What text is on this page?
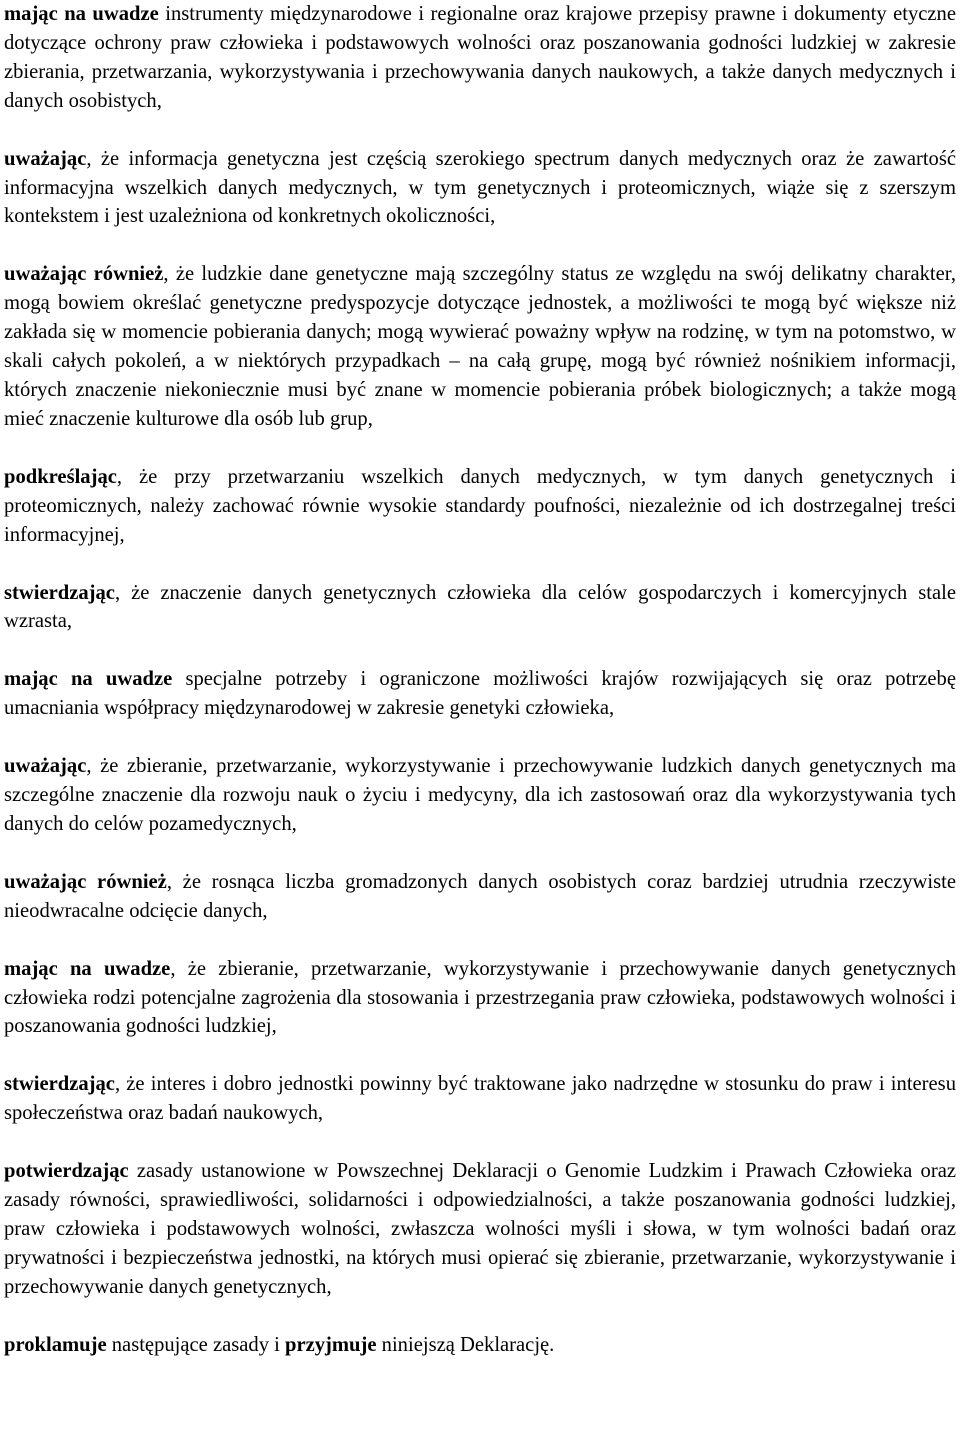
mając na uwadze instrumenty międzynarodowe i regionalne oraz krajowe przepisy prawne i dokumenty etyczne dotyczące ochrony praw człowieka i podstawowych wolności oraz poszanowania godności ludzkiej w zakresie zbierania, przetwarzania, wykorzystywania i przechowywania danych naukowych, a także danych medycznych i danych osobistych,

uważając, że informacja genetyczna jest częścią szerokiego spectrum danych medycznych oraz że zawartość informacyjna wszelkich danych medycznych, w tym genetycznych i proteomicznych, wiąże się z szerszym kontekstem i jest uzależniona od konkretnych okoliczności,

uważając również, że ludzkie dane genetyczne mają szczególny status ze względu na swój delikatny charakter, mogą bowiem określać genetyczne predyspozycje dotyczące jednostek, a możliwości te mogą być większe niż zakłada się w momencie pobierania danych; mogą wywierać poważny wpływ na rodzinę, w tym na potomstwo, w skali całych pokoleń, a w niektórych przypadkach – na całą grupę, mogą być również nośnikiem informacji, których znaczenie niekoniecznie musi być znane w momencie pobierania próbek biologicznych; a także mogą mieć znaczenie kulturowe dla osób lub grup,

podkreślając, że przy przetwarzaniu wszelkich danych medycznych, w tym danych genetycznych i proteomicznych, należy zachować równie wysokie standardy poufności, niezależnie od ich dostrzegalnej treści informacyjnej,

stwierdzając, że znaczenie danych genetycznych człowieka dla celów gospodarczych i komercyjnych stale wzrasta,

mając na uwadze specjalne potrzeby i ograniczone możliwości krajów rozwijających się oraz potrzebę umacniania współpracy międzynarodowej w zakresie genetyki człowieka,

uważając, że zbieranie, przetwarzanie, wykorzystywanie i przechowywanie ludzkich danych genetycznych ma szczególne znaczenie dla rozwoju nauk o życiu i medycyny, dla ich zastosowań oraz dla wykorzystywania tych danych do celów pozamedycznych,

uważając również, że rosnąca liczba gromadzonych danych osobistych coraz bardziej utrudnia rzeczywiste nieodwracalne odcięcie danych,

mając na uwadze, że zbieranie, przetwarzanie, wykorzystywanie i przechowywanie danych genetycznych człowieka rodzi potencjalne zagrożenia dla stosowania i przestrzegania praw człowieka, podstawowych wolności i poszanowania godności ludzkiej,

stwierdzając, że interes i dobro jednostki powinny być traktowane jako nadrzędne w stosunku do praw i interesu społeczeństwa oraz badań naukowych,

potwierdzając zasady ustanowione w Powszechnej Deklaracji o Genomie Ludzkim i Prawach Człowieka oraz zasady równości, sprawiedliwości, solidarności i odpowiedzialności, a także poszanowania godności ludzkiej, praw człowieka i podstawowych wolności, zwłaszcza wolności myśli i słowa, w tym wolności badań oraz prywatności i bezpieczeństwa jednostki, na których musi opierać się zbieranie, przetwarzanie, wykorzystywanie i przechowywanie danych genetycznych,

proklamuje następujące zasady i przyjmuje niniejszą Deklarację.
